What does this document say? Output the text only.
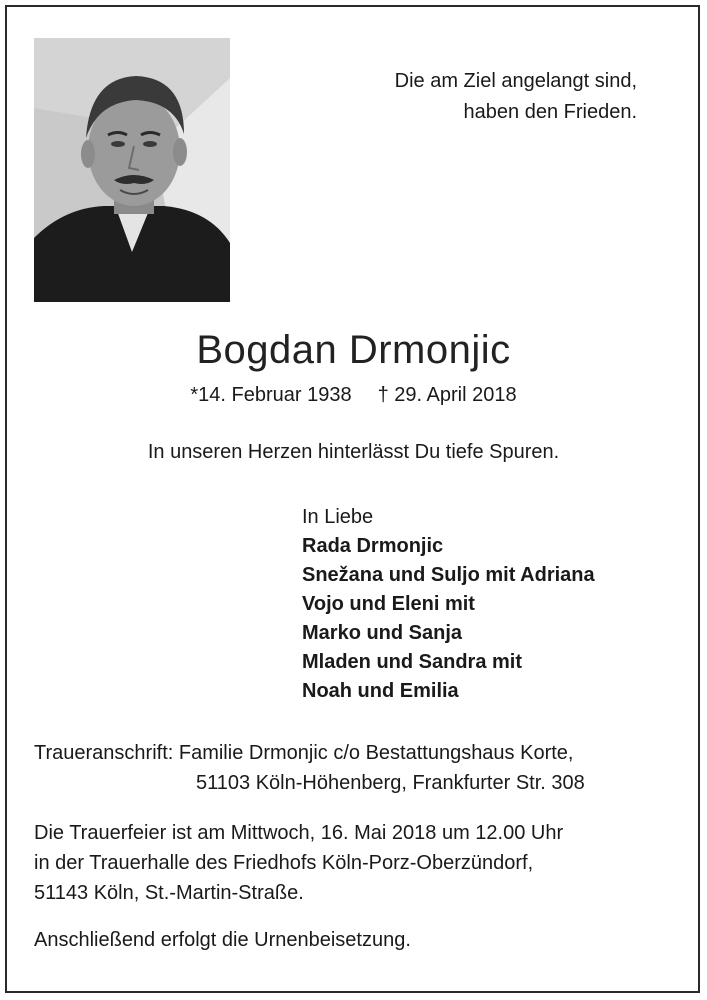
Die am Ziel angelangt sind,
haben den Frieden.
Bogdan Drmonjic
*14. Februar 1938 † 29. April 2018
In unseren Herzen hinterlässt Du tiefe Spuren.
In Liebe
Rada Drmonjic
Snežana und Suljo mit Adriana
Vojo und Eleni mit
Marko und Sanja
Mladen und Sandra mit
Noah und Emilia
Traueranschrift: Familie Drmonjic c/o Bestattungshaus Korte,
51103 Köln-Höhenberg, Frankfurter Str. 308
Die Trauerfeier ist am Mittwoch, 16. Mai 2018 um 12.00 Uhr
in der Trauerhalle des Friedhofs Köln-Porz-Oberzündorf,
51143 Köln, St.-Martin-Straße.
Anschließend erfolgt die Urnenbeisetzung.
